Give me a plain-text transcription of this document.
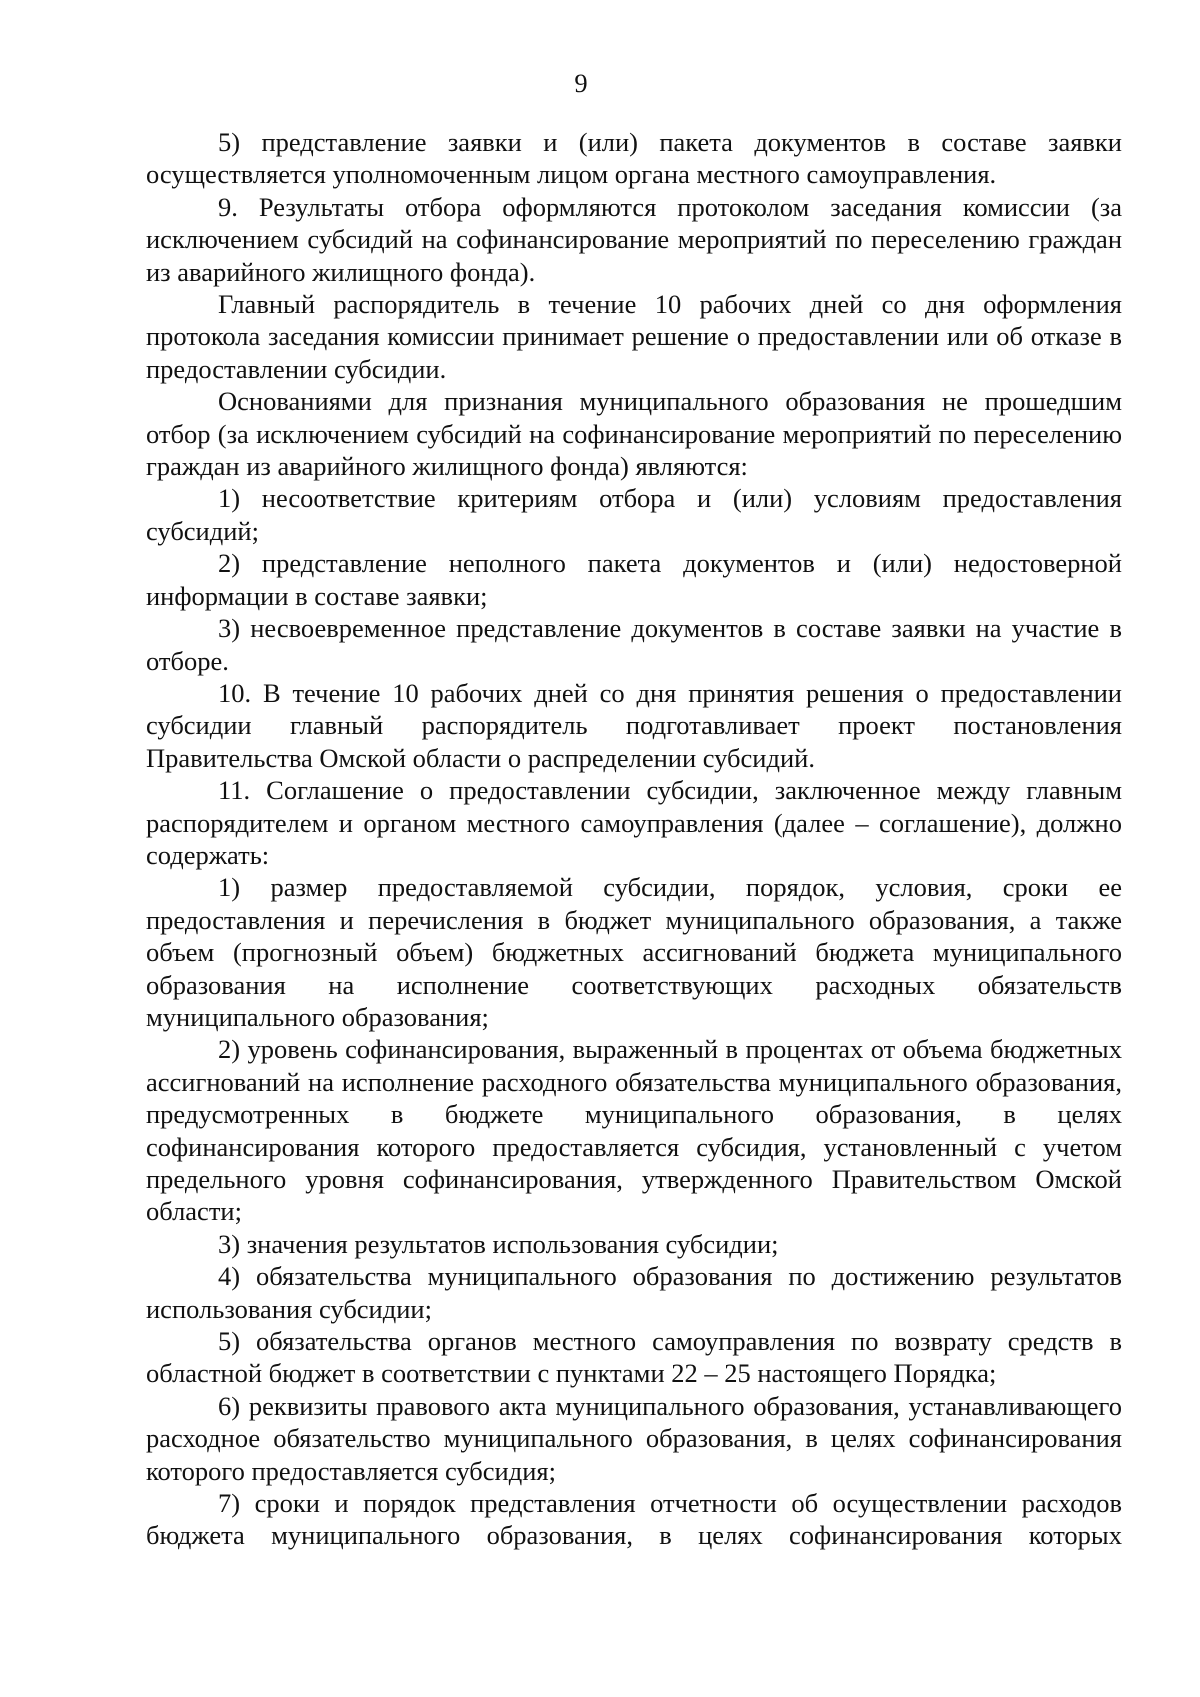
9

5) представление заявки и (или) пакета документов в составе заявки осуществляется уполномоченным лицом органа местного самоуправления.

9. Результаты отбора оформляются протоколом заседания комиссии (за исключением субсидий на софинансирование мероприятий по переселению граждан из аварийного жилищного фонда).

Главный распорядитель в течение 10 рабочих дней со дня оформления протокола заседания комиссии принимает решение о предоставлении или об отказе в предоставлении субсидии.

Основаниями для признания муниципального образования не прошедшим отбор (за исключением субсидий на софинансирование мероприятий по переселению граждан из аварийного жилищного фонда) являются:

1) несоответствие критериям отбора и (или) условиям предоставления субсидий;

2) представление неполного пакета документов и (или) недостоверной информации в составе заявки;

3) несвоевременное представление документов в составе заявки на участие в отборе.

10. В течение 10 рабочих дней со дня принятия решения о предоставлении субсидии главный распорядитель подготавливает проект постановления Правительства Омской области о распределении субсидий.

11. Соглашение о предоставлении субсидии, заключенное между главным распорядителем и органом местного самоуправления (далее – соглашение), должно содержать:

1) размер предоставляемой субсидии, порядок, условия, сроки ее предоставления и перечисления в бюджет муниципального образования, а также объем (прогнозный объем) бюджетных ассигнований бюджета муниципального образования на исполнение соответствующих расходных обязательств муниципального образования;

2) уровень софинансирования, выраженный в процентах от объема бюджетных ассигнований на исполнение расходного обязательства муниципального образования, предусмотренных в бюджете муниципального образования, в целях софинансирования которого предоставляется субсидия, установленный с учетом предельного уровня софинансирования, утвержденного Правительством Омской области;

3) значения результатов использования субсидии;

4) обязательства муниципального образования по достижению результатов использования субсидии;

5) обязательства органов местного самоуправления по возврату средств в областной бюджет в соответствии с пунктами 22 – 25 настоящего Порядка;

6) реквизиты правового акта муниципального образования, устанавливающего расходное обязательство муниципального образования, в целях софинансирования которого предоставляется субсидия;

7) сроки и порядок представления отчетности об осуществлении расходов бюджета муниципального образования, в целях софинансирования которых
